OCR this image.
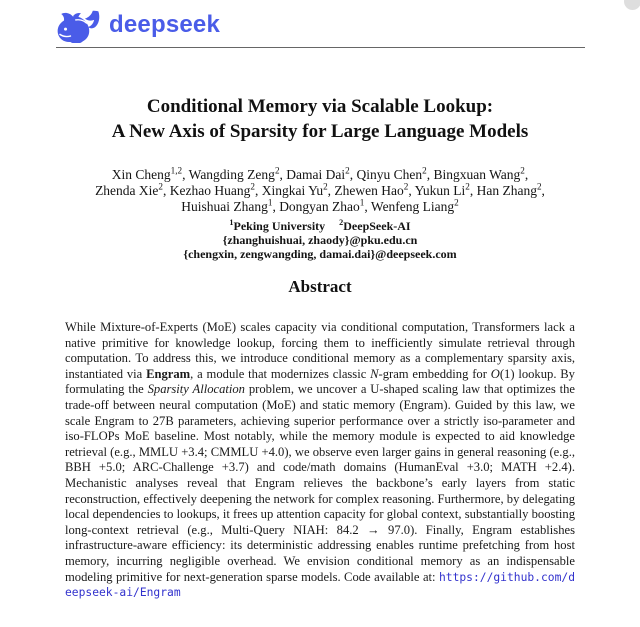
deepseek
Conditional Memory via Scalable Lookup:
A New Axis of Sparsity for Large Language Models
Xin Cheng$^{1,2}$, Wangding Zeng$^2$, Damai Dai$^2$, Qinyu Chen$^2$, Bingxuan Wang$^2$,
Zhenda Xie$^2$, Kezhao Huang$^2$, Xingkai Yu$^2$, Zhewen Hao$^2$, Yukun Li$^2$, Han Zhang$^2$,
Huishuai Zhang$^1$, Dongyan Zhao$^1$, Wenfeng Liang$^2$
$^1$Peking University $^2$DeepSeek-AI
{zhanghuishuai, zhaody}@pku.edu.cn
{chengxin, zengwangding, damai.dai}@deepseek.com
Abstract

While Mixture-of-Experts (MoE) scales capacity via conditional computation, Transformers lack a native primitive for knowledge lookup, forcing them to inefficiently simulate retrieval through computation. To address this, we introduce conditional memory as a complementary sparsity axis, instantiated via Engram, a module that modernizes classic N-gram embedding for O(1) lookup. By formulating the Sparsity Allocation problem, we uncover a U-shaped scaling law that optimizes the trade-off between neural computation (MoE) and static memory (Engram). Guided by this law, we scale Engram to 27B parameters, achieving superior performance over a strictly iso-parameter and iso-FLOPs MoE baseline. Most notably, while the memory module is expected to aid knowledge retrieval (e.g., MMLU +3.4; CMMLU +4.0), we observe even larger gains in general reasoning (e.g., BBH +5.0; ARC-Challenge +3.7) and code/math domains (HumanEval +3.0; MATH +2.4). Mechanistic analyses reveal that Engram relieves the backbone’s early layers from static reconstruction, effectively deepening the network for complex reasoning. Furthermore, by delegating local dependencies to lookups, it frees up attention capacity for global context, substantially boosting long-context retrieval (e.g., Multi-Query NIAH: 84.2 → 97.0). Finally, Engram establishes infrastructure-aware efficiency: its deterministic addressing enables runtime prefetching from host memory, incurring negligible overhead. We envision conditional memory as an indispensable modeling primitive for next-generation sparse models. Code available at: https://github.com/deepseek-ai/Engram
